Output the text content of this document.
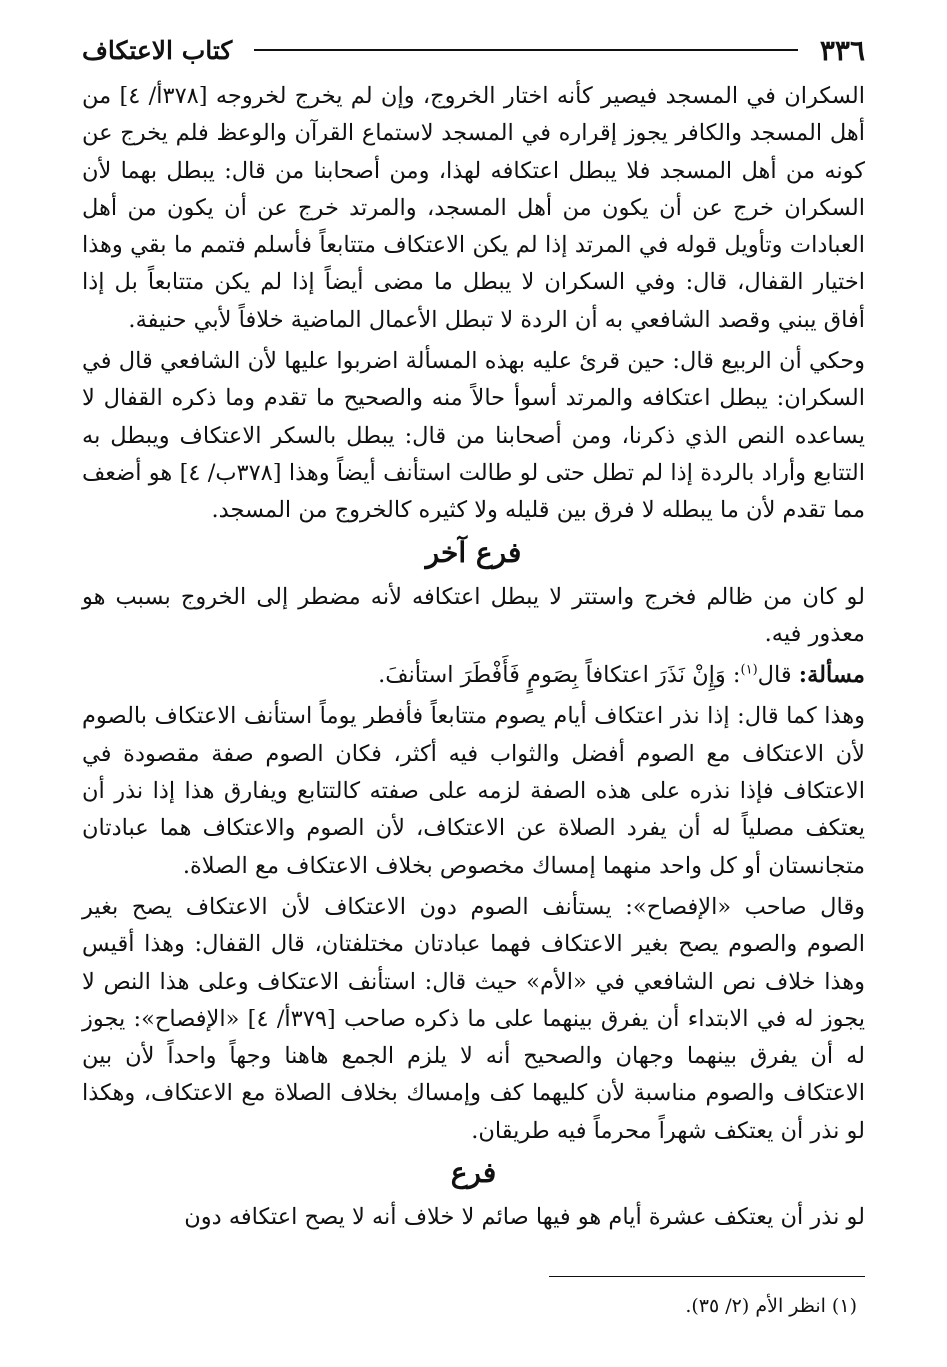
٣٣٦
كتاب الاعتكاف

السكران في المسجد فيصير كأنه اختار الخروج، وإن لم يخرج لخروجه [٣٧٨أ/ ٤] من أهل المسجد والكافر يجوز إقراره في المسجد لاستماع القرآن والوعظ فلم يخرج عن كونه من أهل المسجد فلا يبطل اعتكافه لهذا، ومن أصحابنا من قال: يبطل بهما لأن السكران خرج عن أن يكون من أهل المسجد، والمرتد خرج عن أن يكون من أهل العبادات وتأويل قوله في المرتد إذا لم يكن الاعتكاف متتابعاً فأسلم فتمم ما بقي وهذا اختيار القفال، قال: وفي السكران لا يبطل ما مضى أيضاً إذا لم يكن متتابعاً بل إذا أفاق يبني وقصد الشافعي به أن الردة لا تبطل الأعمال الماضية خلافاً لأبي حنيفة.

وحكي أن الربيع قال: حين قرئ عليه بهذه المسألة اضربوا عليها لأن الشافعي قال في السكران: يبطل اعتكافه والمرتد أسوأ حالاً منه والصحيح ما تقدم وما ذكره القفال لا يساعده النص الذي ذكرنا، ومن أصحابنا من قال: يبطل بالسكر الاعتكاف ويبطل به التتابع وأراد بالردة إذا لم تطل حتى لو طالت استأنف أيضاً وهذا [٣٧٨ب/ ٤] هو أضعف مما تقدم لأن ما يبطله لا فرق بين قليله ولا كثيره كالخروج من المسجد.

فرع آخر

لو كان من ظالم فخرج واستتر لا يبطل اعتكافه لأنه مضطر إلى الخروج بسبب هو معذور فيه.

مسألة: قال$^{(١)}$: وَإِنْ نَذَرَ اعتكافاً بِصَومٍ فَأَفْطَرَ استأنفَ.

وهذا كما قال: إذا نذر اعتكاف أيام يصوم متتابعاً فأفطر يوماً استأنف الاعتكاف بالصوم لأن الاعتكاف مع الصوم أفضل والثواب فيه أكثر، فكان الصوم صفة مقصودة في الاعتكاف فإذا نذره على هذه الصفة لزمه على صفته كالتتابع ويفارق هذا إذا نذر أن يعتكف مصلياً له أن يفرد الصلاة عن الاعتكاف، لأن الصوم والاعتكاف هما عبادتان متجانستان أو كل واحد منهما إمساك مخصوص بخلاف الاعتكاف مع الصلاة.

وقال صاحب «الإفصاح»: يستأنف الصوم دون الاعتكاف لأن الاعتكاف يصح بغير الصوم والصوم يصح بغير الاعتكاف فهما عبادتان مختلفتان، قال القفال: وهذا أقيس وهذا خلاف نص الشافعي في «الأم» حيث قال: استأنف الاعتكاف وعلى هذا النص لا يجوز له في الابتداء أن يفرق بينهما على ما ذكره صاحب [٣٧٩أ/ ٤] «الإفصاح»: يجوز له أن يفرق بينهما وجهان والصحيح أنه لا يلزم الجمع هاهنا وجهاً واحداً لأن بين الاعتكاف والصوم مناسبة لأن كليهما كف وإمساك بخلاف الصلاة مع الاعتكاف، وهكذا لو نذر أن يعتكف شهراً محرماً فيه طريقان.

فرع

لو نذر أن يعتكف عشرة أيام هو فيها صائم لا خلاف أنه لا يصح اعتكافه دون

(١) انظر الأم (٢/ ٣٥).
